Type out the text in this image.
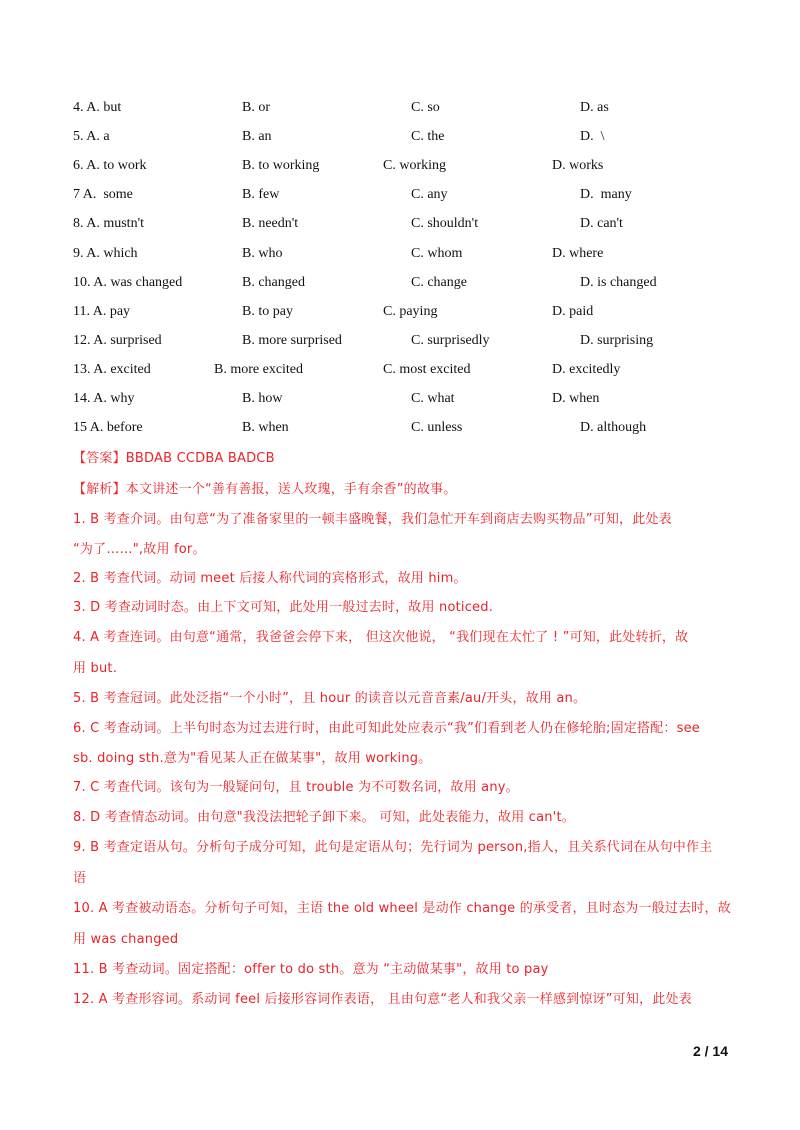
4. A. but	B. or	C. so	D. as
5. A. a	B. an	C. the	D.  \
6. A. to work	B. to working	C. working	D. works
7 A.  some	B. few	C. any	D.  many
8. A. mustn't	B. needn't	C. shouldn't	D. can't
9. A. which	B. who	C. whom	D. where
10. A. was changed	B. changed	C. change	D. is changed
11. A. pay	B. to pay	C. paying	D. paid
12. A. surprised	B. more surprised	C. surprisedly	D. surprising
13. A. excited	B. more excited	C. most excited	D. excitedly
14. A. why	B. how	C. what	D. when
15 A. before	B. when	C. unless	D. although
【答案】BBDAB CCDBA BADCB
【解析】本文讲述一个“善有善报，送人玫瑰，手有余香”的故事。
1. B 考查介词。由句意“为了准备家里的一顿丰盛晚餐，我们急忙开车到商店去购买物品”可知，此处表
“为了……",故用 for。
2. B 考查代词。动词 meet 后接人称代词的宾格形式，故用 him。
3. D 考查动词时态。由上下文可知，此处用一般过去时，故用 noticed.
4. A 考查连词。由句意“通常，我爸爸会停下来， 但这次他说， “我们现在太忙了 ! ”可知，此处转折，故
用 but.
5. B 考查冠词。此处泛指“一个小时”，且 hour 的读音以元音音素/au/开头，故用 an。
6. C 考查动词。上半句时态为过去进行时，由此可知此处应表示“我”们看到老人仍在修轮胎;固定搭配：see
sb. doing sth.意为"看见某人正在做某事"，故用 working。
7. C 考查代词。该句为一般疑问句，且 trouble 为不可数名词，故用 any。
8. D 考查情态动词。由句意"我没法把轮子卸下来。 可知，此处表能力，故用 can't。
9. B 考查定语从句。分析句子成分可知，此句是定语从句；先行词为 person,指人，且关系代词在从句中作主
语
10. A 考查被动语态。分析句子可知，主语 the old wheel 是动作 change 的承受者，且时态为一般过去时，故
用 was changed
11. B 考查动词。固定搭配：offer to do sth。意为 “主动做某事"，故用 to pay
12. A 考查形容词。系动词 feel 后接形容词作表语， 且由句意“老人和我父亲一样感到惊讶”可知，此处表
2 / 14
